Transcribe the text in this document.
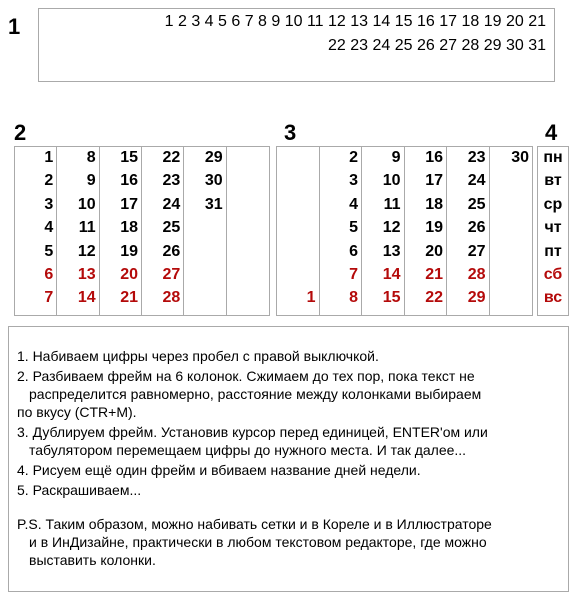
1
2	3	4
1 2 3 4 5 6 7 8 9 10 11 12 13 14 15 16 17 18 19 20 21
22 23 24 25 26 27 28 29 30 31
1
2
3
4
5
6
7
8
9
10
11
12
13
14
15
16
17
18
19
20
21
22
23
24
25
26
27
28
29
30
31
1
2
3
4
5
6
7
8
9
10
11
12
13
14
15
16
17
18
19
20
21
22
23
24
25
26
27
28
29
30 пн
вт
ср
чт
пт
сб
вс
1. Набиваем цифры через пробел с правой выключкой.
2. Разбиваем фрейм на 6 колонок. Сжимаем до тех пор, пока текст не
распределится равномерно, расстояние между колонками выбираем
по вкусу (CTR+M).
3. Дублируем фрейм. Установив курсор перед единицей, ENTER'ом или
табулятором перемещаем цифры до нужного места. И так далее...
4. Рисуем ещё один фрейм и вбиваем название дней недели.
5. Раскрашиваем...
P.S. Таким образом, можно набивать сетки и в Кореле и в Иллюстраторе
и в ИнДизайне, практически в любом текстовом редакторе, где можно
выставить колонки.
